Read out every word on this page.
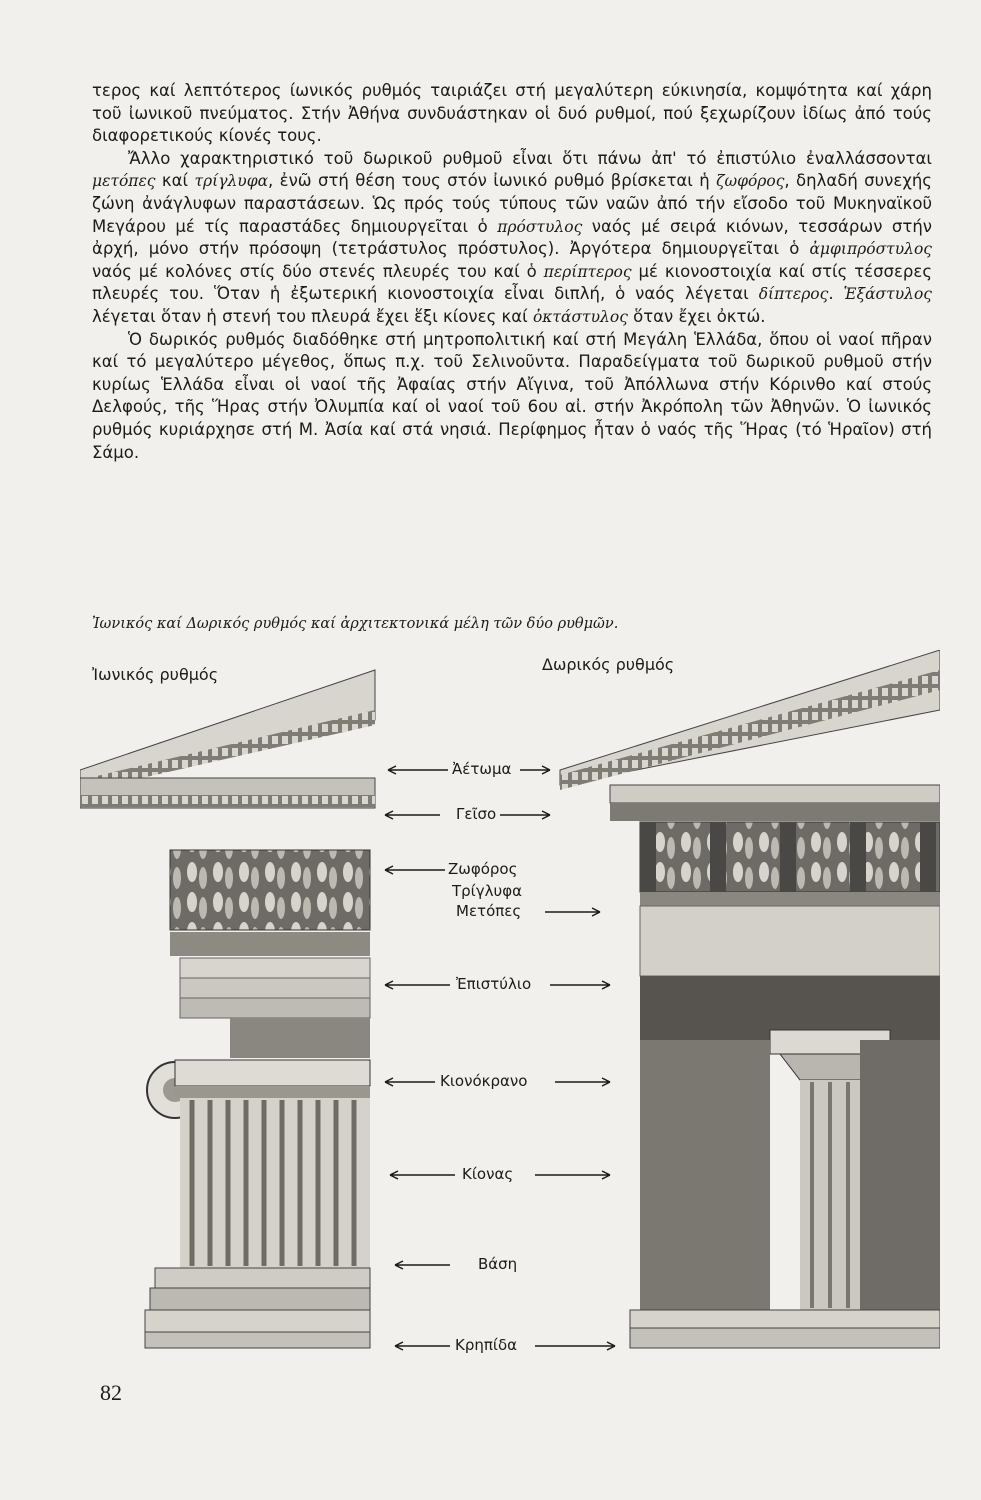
τερος καί λεπτότερος ίωνικός ρυθμός ταιριάζει στή μεγαλύτερη εύκινησία, κομψότητα καί χάρη τοῦ ἰωνικοῦ πνεύματος. Στήν Ἀθήνα συνδυάστηκαν οἱ δυό ρυθμοί, πού ξεχωρίζουν ἰδίως ἀπό τούς διαφορετικούς κίονές τους.

Ἄλλο χαρακτηριστικό τοῦ δωρικοῦ ρυθμοῦ εἶναι ὅτι πάνω ἀπ' τό ἐπιστύλιο ἐναλλάσσονται μετόπες καί τρίγλυφα, ἐνῶ στή θέση τους στόν ἰωνικό ρυθμό βρίσκεται ἡ ζωφόρος, δηλαδή συνεχής ζώνη ἀνάγλυφων παραστάσεων. Ὡς πρός τούς τύπους τῶν ναῶν ἀπό τήν εἴσοδο τοῦ Μυκηναϊκοῦ Μεγάρου μέ τίς παραστάδες δημιουργεῖται ὁ πρόστυλος ναός μέ σειρά κιόνων, τεσσάρων στήν ἀρχή, μόνο στήν πρόσοψη (τετράστυλος πρόστυλος). Ἀργότερα δημιουργεῖται ὁ ἀμφιπρόστυλος ναός μέ κολόνες στίς δύο στενές πλευρές του καί ὁ περίπτερος μέ κιονοστοιχία καί στίς τέσσερες πλευρές του. Ὅταν ἡ ἐξωτερική κιονοστοιχία εἶναι διπλή, ὁ ναός λέγεται δίπτερος. Ἑξάστυλος λέγεται ὅταν ἡ στενή του πλευρά ἔχει ἕξι κίονες καί ὀκτάστυλος ὅταν ἔχει ὀκτώ.

Ὁ δωρικός ρυθμός διαδόθηκε στή μητροπολιτική καί στή Μεγάλη Ἑλλάδα, ὅπου οἱ ναοί πῆραν καί τό μεγαλύτερο μέγεθος, ὅπως π.χ. τοῦ Σελινοῦντα. Παραδείγματα τοῦ δωρικοῦ ρυθμοῦ στήν κυρίως Ἑλλάδα εἶναι οἱ ναοί τῆς Ἀφαίας στήν Αἴγινα, τοῦ Ἀπόλλωνα στήν Κόρινθο καί στούς Δελφούς, τῆς Ἥρας στήν Ὀλυμπία καί οἱ ναοί τοῦ 6ου αἰ. στήν Ἀκρόπολη τῶν Ἀθηνῶν. Ὁ ἰωνικός ρυθμός κυριάρχησε στή Μ. Ἀσία καί στά νησιά. Περίφημος ἦταν ὁ ναός τῆς Ἥρας (τό Ἡραῖον) στή Σάμο.

Ἰωνικός καί Δωρικός ρυθμός καί ἀρχιτεκτονικά μέλη τῶν δύο ρυθμῶν.
Ἰωνικός ρυθμός
Δωρικός ρυθμός
Ἀέτωμα
Γεῖσο
Ζωφόρος
Τρίγλυφα
Μετόπες
Ἐπιστύλιο
Κιονόκρανο
Κίονας
Βάση
Κρηπίδα
82
